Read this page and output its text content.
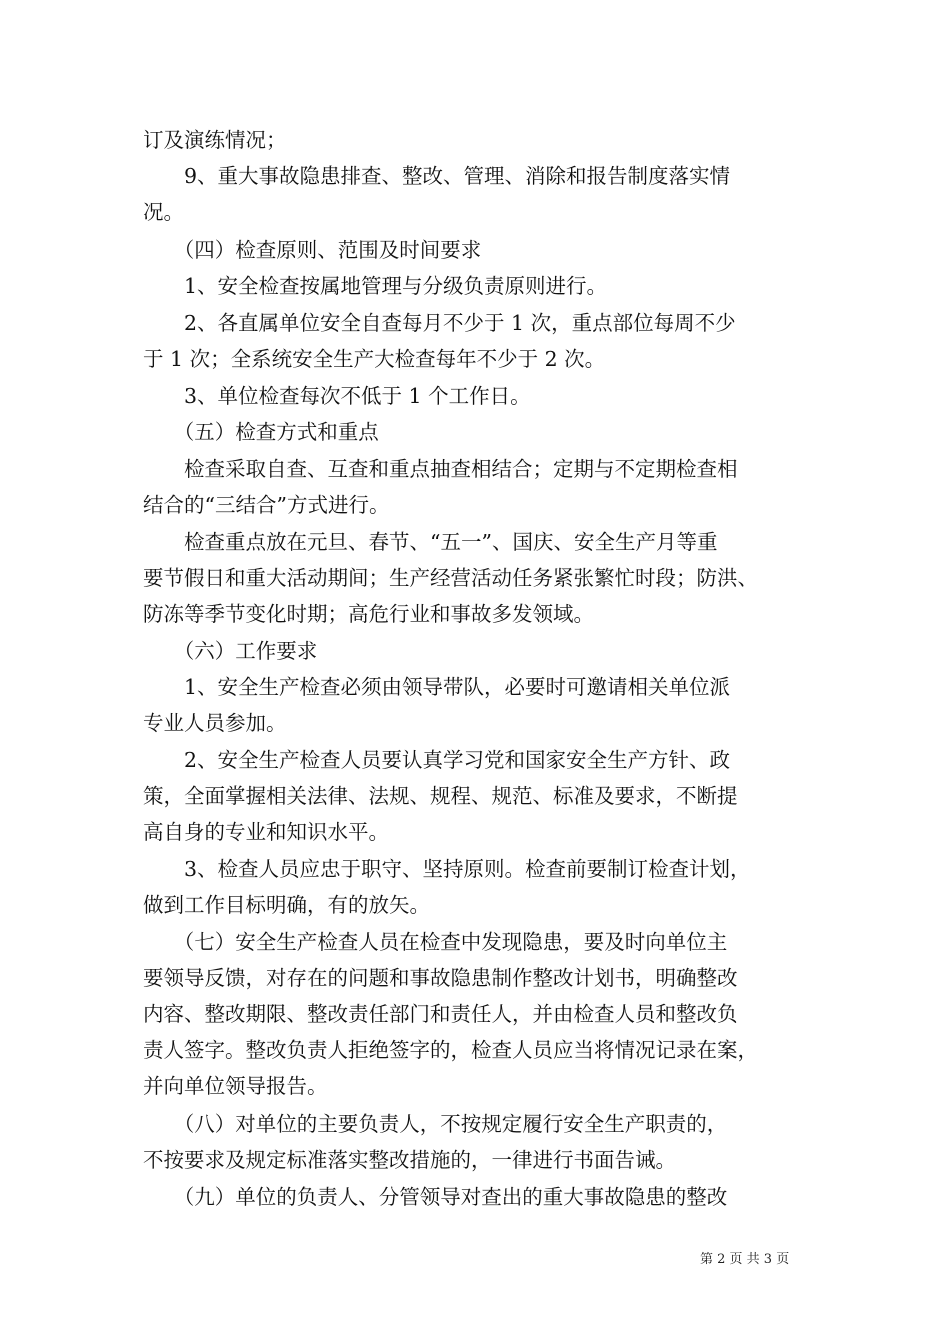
订及演练情况；
　　9、重大事故隐患排查、整改、管理、消除和报告制度落实情
况。
　　（四）检查原则、范围及时间要求
　　1、安全检查按属地管理与分级负责原则进行。
　　2、各直属单位安全自查每月不少于 1 次，重点部位每周不少
于 1 次；全系统安全生产大检查每年不少于 2 次。
　　3、单位检查每次不低于 1 个工作日。
　　（五）检查方式和重点
　　检查采取自查、互查和重点抽查相结合；定期与不定期检查相
结合的“三结合”方式进行。
　　检查重点放在元旦、春节、“五一”、国庆、安全生产月等重
要节假日和重大活动期间；生产经营活动任务紧张繁忙时段；防洪、
防冻等季节变化时期；高危行业和事故多发领域。
　　（六）工作要求
　　1、安全生产检查必须由领导带队，必要时可邀请相关单位派
专业人员参加。
　　2、安全生产检查人员要认真学习党和国家安全生产方针、政
策，全面掌握相关法律、法规、规程、规范、标准及要求，不断提
高自身的专业和知识水平。
　　3、检查人员应忠于职守、坚持原则。检查前要制订检查计划，
做到工作目标明确，有的放矢。
　　（七）安全生产检查人员在检查中发现隐患，要及时向单位主
要领导反馈，对存在的问题和事故隐患制作整改计划书，明确整改
内容、整改期限、整改责任部门和责任人，并由检查人员和整改负
责人签字。整改负责人拒绝签字的，检查人员应当将情况记录在案，
并向单位领导报告。
　　（八）对单位的主要负责人，不按规定履行安全生产职责的，
不按要求及规定标准落实整改措施的，一律进行书面告诫。
　　（九）单位的负责人、分管领导对查出的重大事故隐患的整改
第 2 页 共 3 页
